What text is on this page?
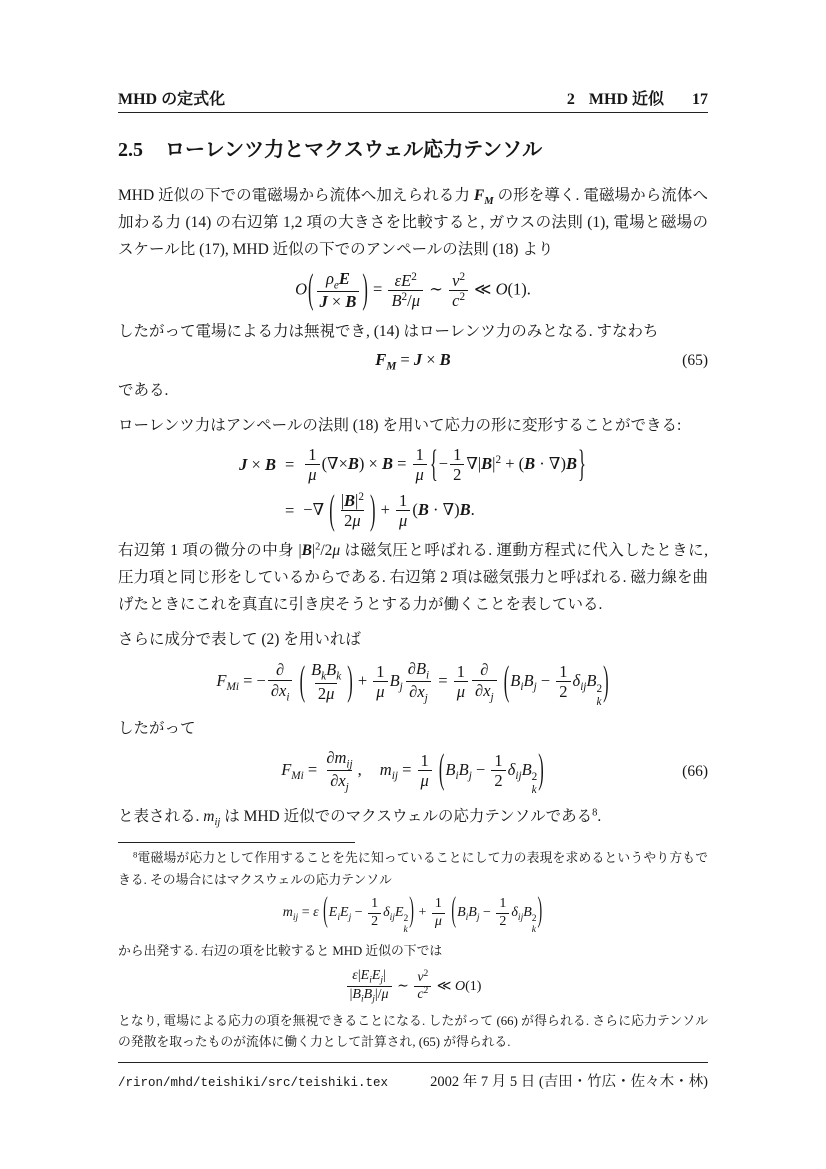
MHD の定式化	2 MHD 近似 17
2.5 ローレンツ力とマクスウェル応力テンソル

MHD 近似の下での電磁場から流体へ加えられる力 $F_M$ の形を導く. 電磁場から流体へ加わる力 (14) の右辺第 1,2 項の大きさを比較すると, ガウスの法則 (1), 電場と磁場のスケール比 (17), MHD 近似の下でのアンペールの法則 (18) より

O( $\rho_eE$
J × B ) = $\frac{\varepsilon E^2}{B^2/\mu}$ ∼ $\frac{v^2}{c^2}$ ≪ O(1).

したがって電場による力は無視でき, (14) はローレンツ力のみとなる. すなわち

$F_M = J \times B$	(65)

である.

ローレンツ力はアンペールの法則 (18) を用いて応力の形に変形することができる:

$J \times B = \frac{1}{\mu} (\nabla\times B) \times B = \frac{1}{\mu}$ {− $\frac{1}{2} \nabla|B|^2 + (B \cdot \nabla)B$}
= −∇ ( $\frac{|B|^2}{2\mu}$ ) + $\frac{1}{\mu} (B \cdot \nabla)B$.

右辺第 1 項の微分の中身 $|B|^2/2\mu$ は磁気圧と呼ばれる. 運動方程式に代入したときに, 圧力項と同じ形をしているからである. 右辺第 2 項は磁気張力と呼ばれる. 磁力線を曲げたときにこれを真直に引き戻そうとする力が働くことを表している.

さらに成分で表して (2) を用いれば

$F_{Mi}$ = −
∂
$\partial x_i$ ( $B_kB_k$
2μ ) + $\frac{1}{\mu} B_j \frac{\partial B_i}{\partial x_j} = \frac{1}{\mu}$ ∂
$\partial x_j$ ($B_iB_j - \frac{1}{2} \delta_{ij}B$ 2
k )

したがって

$F_{Mi}$ =
$\partial m_{ij}$
$\partial x_j$
, $m_{ij} = \frac{1}{\mu} (B_iB_j - \frac{1}{2} \delta_{ij}B$ 2
k )	(66)

と表される. $m_{ij}$ は MHD 近似でのマクスウェルの応力テンソルである$^8$.

$^8$電磁場が応力として作用することを先に知っていることにして力の表現を求めるというやり方もできる. その場合にはマクスウェルの応力テンソル

$m_{ij} = \varepsilon$ ($E_iE_j - \frac{1}{2} \delta_{ij}E$ 2
k ) + $\frac{1}{\mu} (B_iB_j - \frac{1}{2} \delta_{ij}B$ 2
k )

から出発する. 右辺の項を比較すると MHD 近似の下では

$\varepsilon|E_iE_j|$
$|B_iB_j|/\mu$
∼ $\frac{v^2}{c^2}$ ≪ O(1)

となり, 電場による応力の項を無視できることになる. したがって (66) が得られる. さらに応力テンソルの発散を取ったものが流体に働く力として計算され, (65) が得られる.

/riron/mhd/teishiki/src/teishiki.tex	2002 年 7 月 5 日 (吉田・竹広・佐々木・林)
